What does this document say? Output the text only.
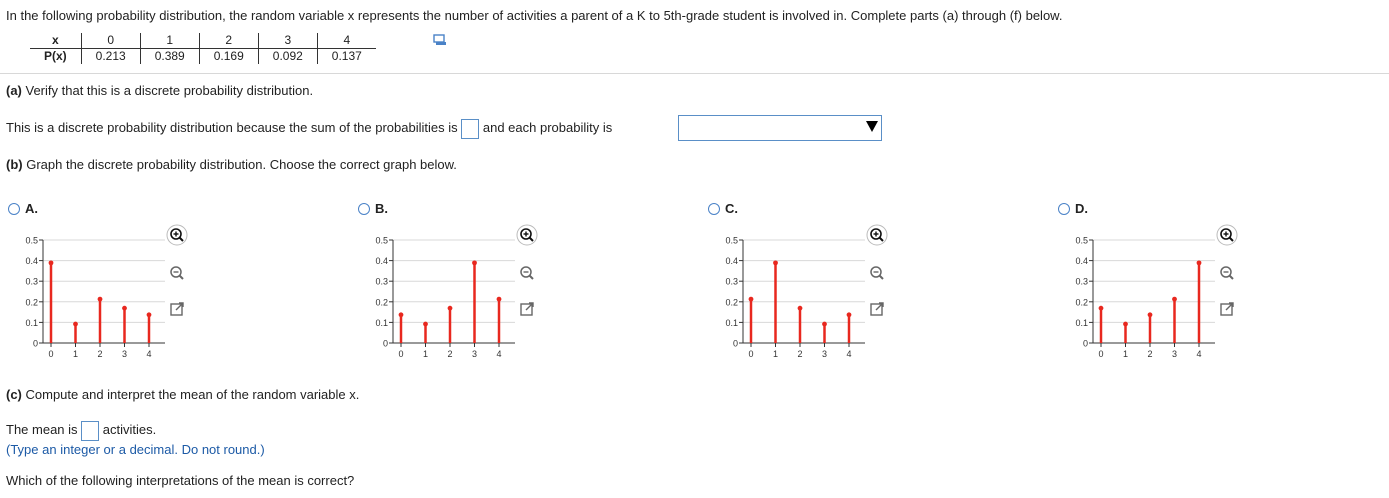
In the following probability distribution, the random variable x represents the number of activities a parent of a K to 5th-grade student is involved in. Complete parts (a) through (f) below.
x	0	1	2	3	4
P(x)	0.213	0.389	0.169	0.092	0.137
(a) Verify that this is a discrete probability distribution.
This is a discrete probability distribution because the sum of the probabilities is and each probability is
(b) Graph the discrete probability distribution. Choose the correct graph below.
A.	B.	C.	D.
0
0.1
0.2
0.3
0.4
0.5
0 1 2 3 4
0
0.1
0.2
0.3
0.4
0.5
0 1 2 3 4
0
0.1
0.2
0.3
0.4
0.5
0 1 2 3 4
0
0.1
0.2
0.3
0.4
0.5
0 1 2 3 4
(c) Compute and interpret the mean of the random variable x.
The mean is activities.
(Type an integer or a decimal. Do not round.)
Which of the following interpretations of the mean is correct?
